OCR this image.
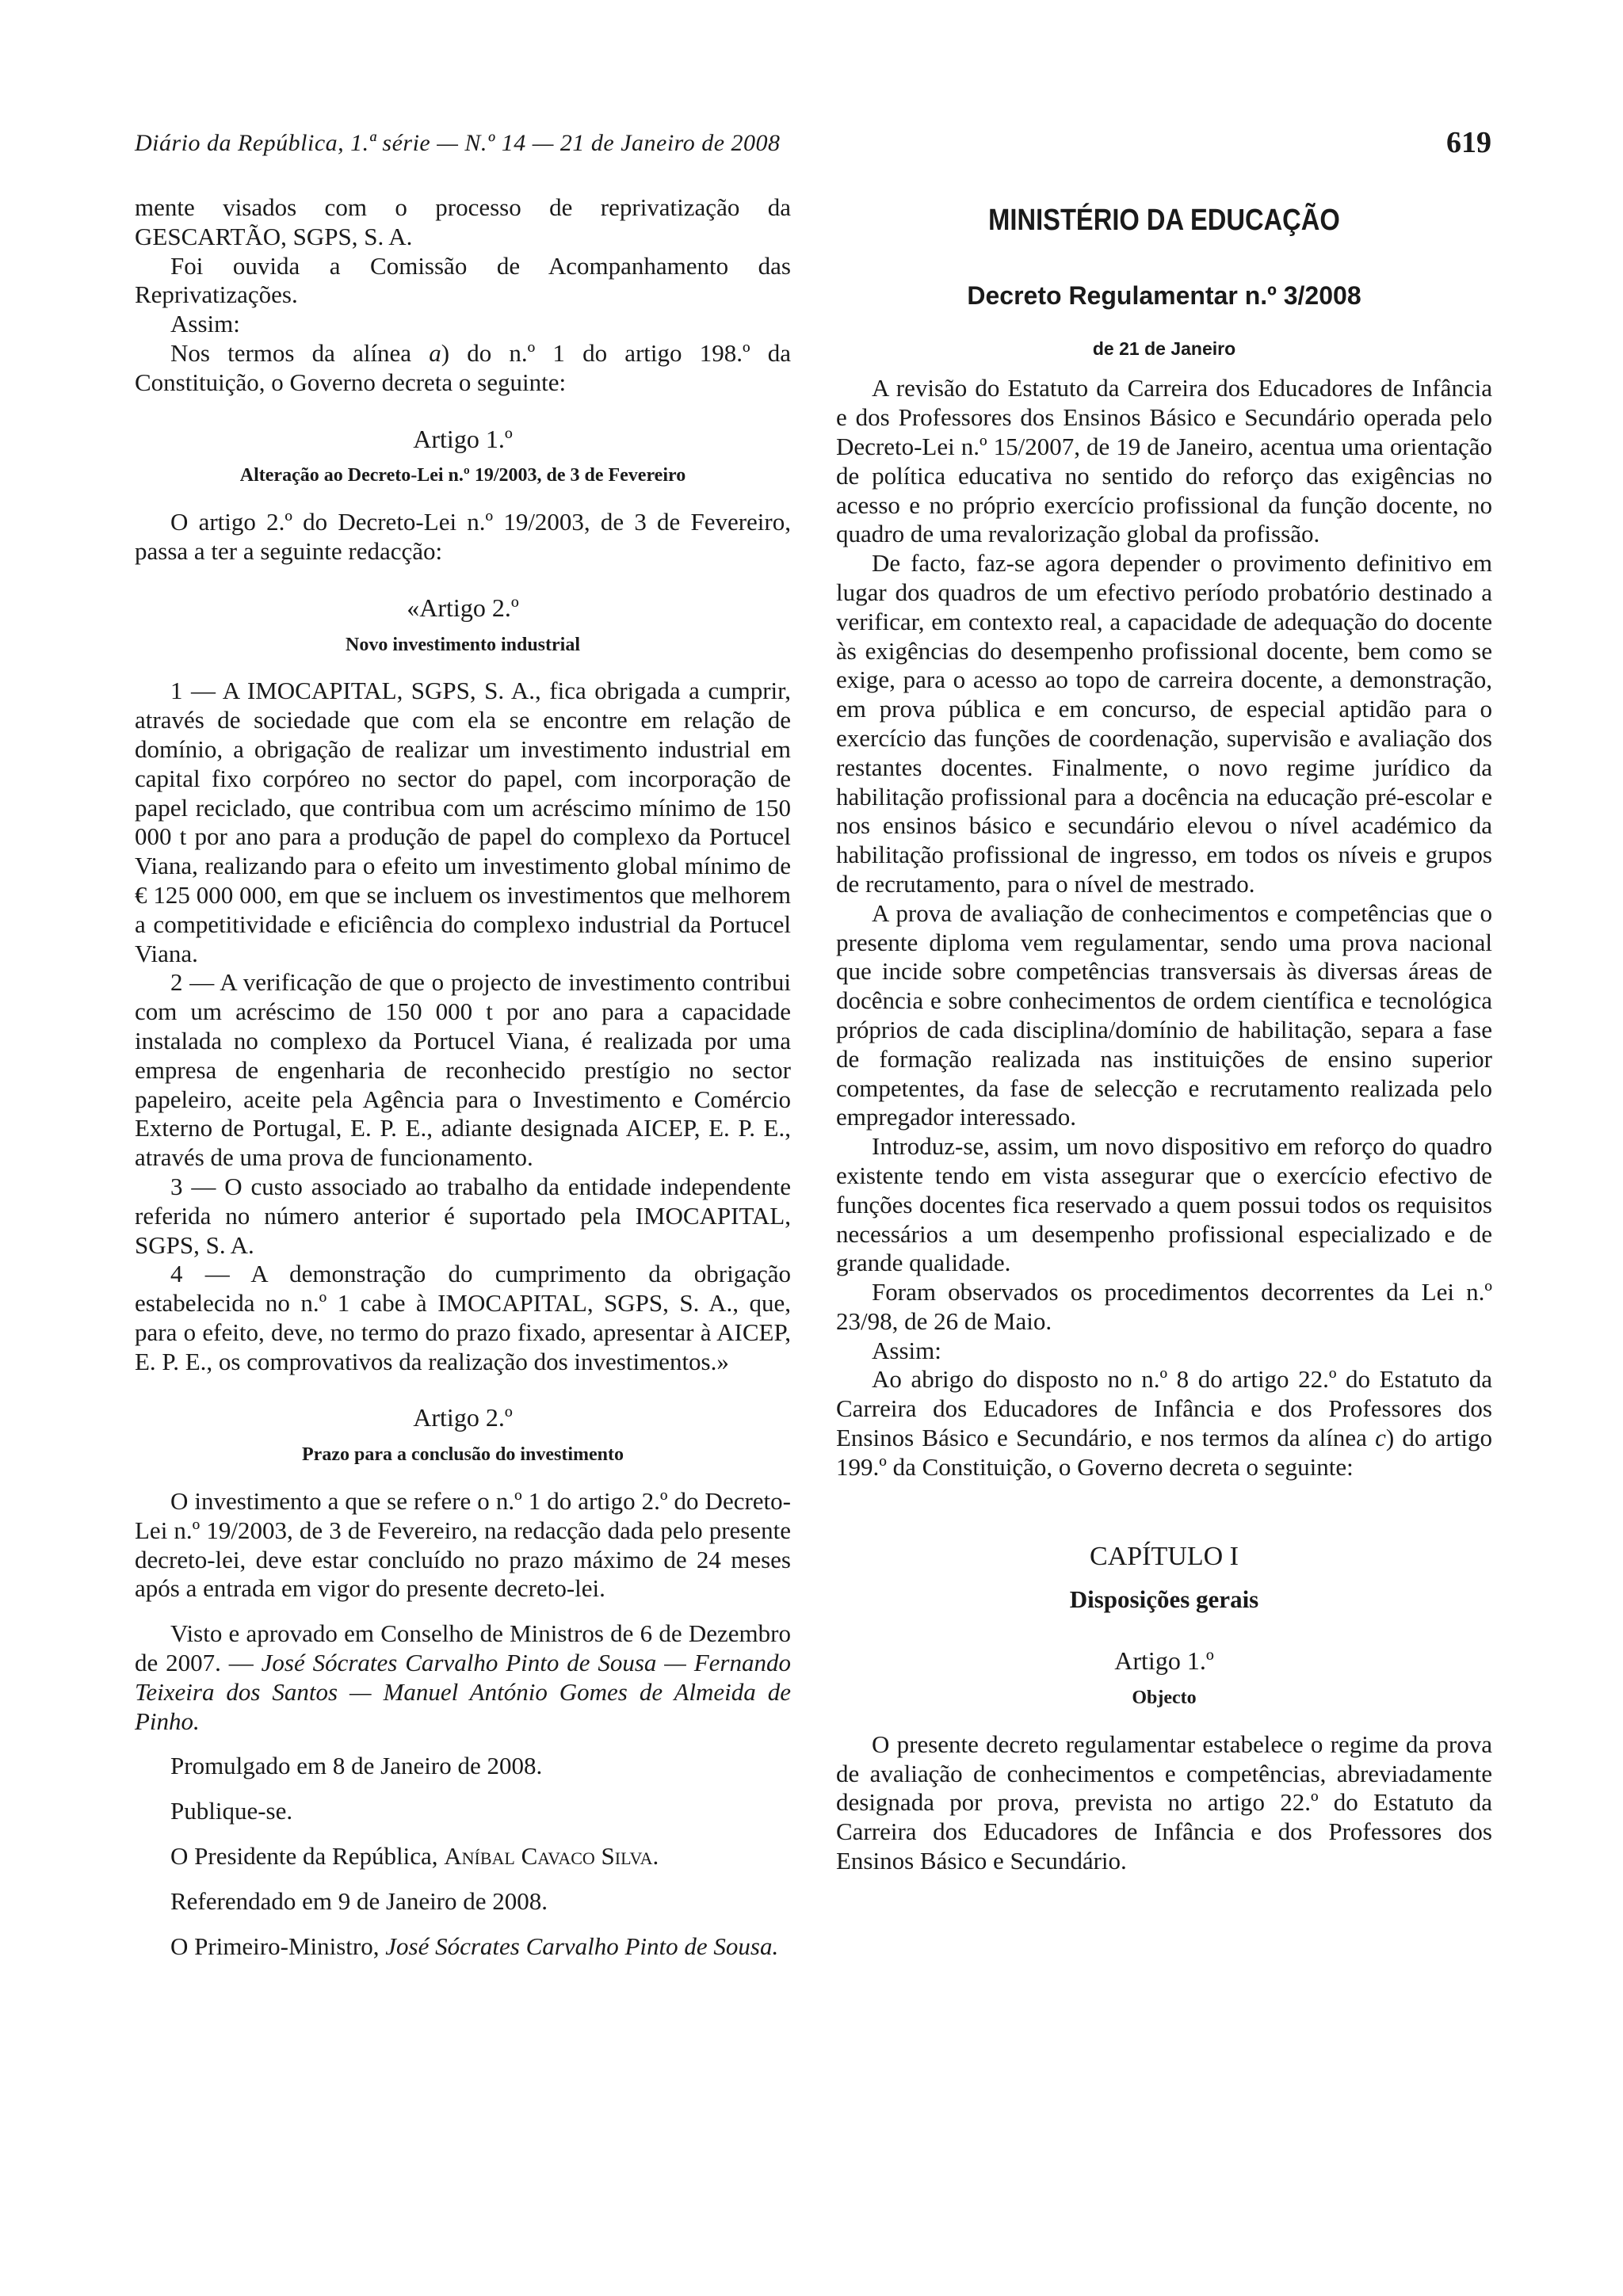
Diário da República, 1.ª série — N.º 14 — 21 de Janeiro de 2008	619

mente visados com o processo de reprivatização da GESCARTÃO, SGPS, S. A.

Foi ouvida a Comissão de Acompanhamento das Reprivatizações.

Assim:

Nos termos da alínea a) do n.º 1 do artigo 198.º da Constituição, o Governo decreta o seguinte:

Artigo 1.º
Alteração ao Decreto-Lei n.º 19/2003, de 3 de Fevereiro

O artigo 2.º do Decreto-Lei n.º 19/2003, de 3 de Fevereiro, passa a ter a seguinte redacção:

«Artigo 2.º
Novo investimento industrial

1 — A IMOCAPITAL, SGPS, S. A., fica obrigada a cumprir, através de sociedade que com ela se encontre em relação de domínio, a obrigação de realizar um investimento industrial em capital fixo corpóreo no sector do papel, com incorporação de papel reciclado, que contribua com um acréscimo mínimo de 150 000 t por ano para a produção de papel do complexo da Portucel Viana, realizando para o efeito um investimento global mínimo de € 125 000 000, em que se incluem os investimentos que melhorem a competitividade e eficiência do complexo industrial da Portucel Viana.

2 — A verificação de que o projecto de investimento contribui com um acréscimo de 150 000 t por ano para a capacidade instalada no complexo da Portucel Viana, é realizada por uma empresa de engenharia de reconhecido prestígio no sector papeleiro, aceite pela Agência para o Investimento e Comércio Externo de Portugal, E. P. E., adiante designada AICEP, E. P. E., através de uma prova de funcionamento.

3 — O custo associado ao trabalho da entidade independente referida no número anterior é suportado pela IMOCAPITAL, SGPS, S. A.

4 — A demonstração do cumprimento da obrigação estabelecida no n.º 1 cabe à IMOCAPITAL, SGPS, S. A., que, para o efeito, deve, no termo do prazo fixado, apresentar à AICEP, E. P. E., os comprovativos da realização dos investimentos.»

Artigo 2.º
Prazo para a conclusão do investimento

O investimento a que se refere o n.º 1 do artigo 2.º do Decreto-Lei n.º 19/2003, de 3 de Fevereiro, na redacção dada pelo presente decreto-lei, deve estar concluído no prazo máximo de 24 meses após a entrada em vigor do presente decreto-lei.

Visto e aprovado em Conselho de Ministros de 6 de Dezembro de 2007. — José Sócrates Carvalho Pinto de Sousa — Fernando Teixeira dos Santos — Manuel António Gomes de Almeida de Pinho.

Promulgado em 8 de Janeiro de 2008.

Publique-se.

O Presidente da República, Aníbal Cavaco Silva.

Referendado em 9 de Janeiro de 2008.

O Primeiro-Ministro, José Sócrates Carvalho Pinto de Sousa.

MINISTÉRIO DA EDUCAÇÃO
Decreto Regulamentar n.º 3/2008
de 21 de Janeiro

A revisão do Estatuto da Carreira dos Educadores de Infância e dos Professores dos Ensinos Básico e Secundário operada pelo Decreto-Lei n.º 15/2007, de 19 de Janeiro, acentua uma orientação de política educativa no sentido do reforço das exigências no acesso e no próprio exercício profissional da função docente, no quadro de uma revalorização global da profissão.

De facto, faz-se agora depender o provimento definitivo em lugar dos quadros de um efectivo período probatório destinado a verificar, em contexto real, a capacidade de adequação do docente às exigências do desempenho profissional docente, bem como se exige, para o acesso ao topo de carreira docente, a demonstração, em prova pública e em concurso, de especial aptidão para o exercício das funções de coordenação, supervisão e avaliação dos restantes docentes. Finalmente, o novo regime jurídico da habilitação profissional para a docência na educação pré-escolar e nos ensinos básico e secundário elevou o nível académico da habilitação profissional de ingresso, em todos os níveis e grupos de recrutamento, para o nível de mestrado.

A prova de avaliação de conhecimentos e competências que o presente diploma vem regulamentar, sendo uma prova nacional que incide sobre competências transversais às diversas áreas de docência e sobre conhecimentos de ordem científica e tecnológica próprios de cada disciplina/domínio de habilitação, separa a fase de formação realizada nas instituições de ensino superior competentes, da fase de selecção e recrutamento realizada pelo empregador interessado.

Introduz-se, assim, um novo dispositivo em reforço do quadro existente tendo em vista assegurar que o exercício efectivo de funções docentes fica reservado a quem possui todos os requisitos necessários a um desempenho profissional especializado e de grande qualidade.

Foram observados os procedimentos decorrentes da Lei n.º 23/98, de 26 de Maio.

Assim:

Ao abrigo do disposto no n.º 8 do artigo 22.º do Estatuto da Carreira dos Educadores de Infância e dos Professores dos Ensinos Básico e Secundário, e nos termos da alínea c) do artigo 199.º da Constituição, o Governo decreta o seguinte:

CAPÍTULO I
Disposições gerais
Artigo 1.º
Objecto

O presente decreto regulamentar estabelece o regime da prova de avaliação de conhecimentos e competências, abreviadamente designada por prova, prevista no artigo 22.º do Estatuto da Carreira dos Educadores de Infância e dos Professores dos Ensinos Básico e Secundário.
